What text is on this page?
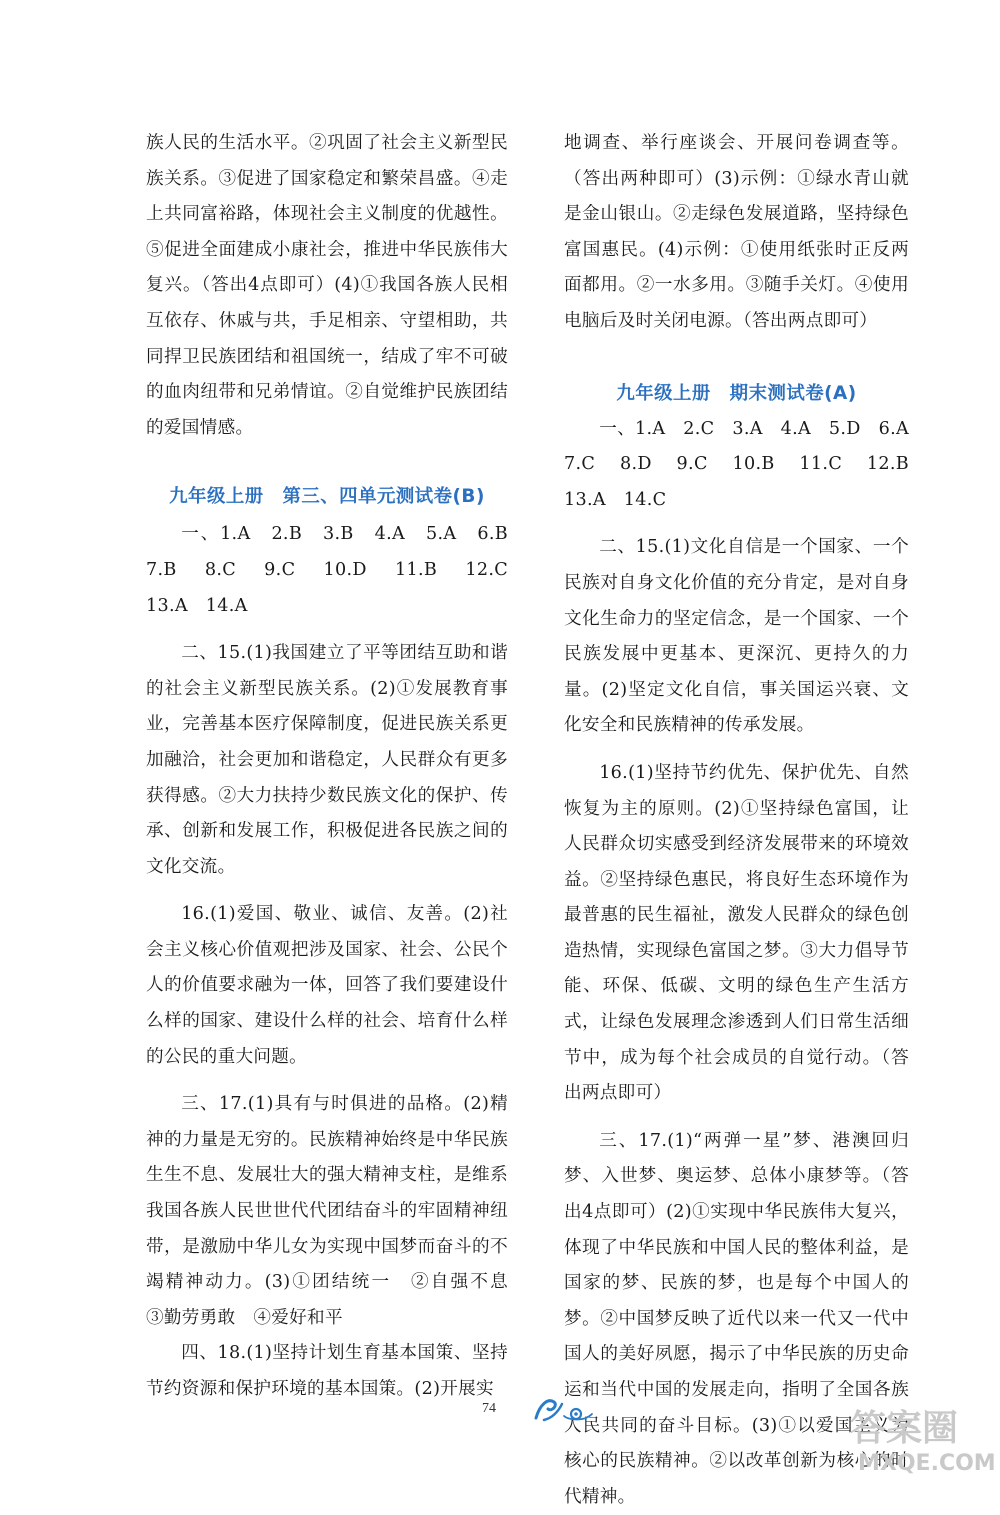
族人民的生活水平。②巩固了社会主义新型民族关系。③促进了国家稳定和繁荣昌盛。④走上共同富裕路，体现社会主义制度的优越性。⑤促进全面建成小康社会，推进中华民族伟大复兴。（答出4点即可）(4)①我国各族人民相互依存、休戚与共，手足相亲、守望相助，共同捍卫民族团结和祖国统一，结成了牢不可破的血肉纽带和兄弟情谊。②自觉维护民族团结的爱国情感。

九年级上册　第三、四单元测试卷(B)

一、1.A　2.B　3.B　4.A　5.A　6.B　7.B　8.C　9.C　10.D　11.B　12.C　13.A　14.A

二、15.(1)我国建立了平等团结互助和谐的社会主义新型民族关系。(2)①发展教育事业，完善基本医疗保障制度，促进民族关系更加融洽，社会更加和谐稳定，人民群众有更多获得感。②大力扶持少数民族文化的保护、传承、创新和发展工作，积极促进各民族之间的文化交流。

16.(1)爱国、敬业、诚信、友善。(2)社会主义核心价值观把涉及国家、社会、公民个人的价值要求融为一体，回答了我们要建设什么样的国家、建设什么样的社会、培育什么样的公民的重大问题。

三、17.(1)具有与时俱进的品格。(2)精神的力量是无穷的。民族精神始终是中华民族生生不息、发展壮大的强大精神支柱，是维系我国各族人民世世代代团结奋斗的牢固精神纽带，是激励中华儿女为实现中国梦而奋斗的不竭精神动力。(3)①团结统一　②自强不息　③勤劳勇敢　④爱好和平

四、18.(1)坚持计划生育基本国策、坚持节约资源和保护环境的基本国策。(2)开展实

地调查、举行座谈会、开展问卷调查等。（答出两种即可）(3)示例：①绿水青山就是金山银山。②走绿色发展道路，坚持绿色富国惠民。(4)示例：①使用纸张时正反两面都用。②一水多用。③随手关灯。④使用电脑后及时关闭电源。（答出两点即可）

九年级上册　期末测试卷(A)

一、1.A　2.C　3.A　4.A　5.D　6.A　7.C　8.D　9.C　10.B　11.C　12.B　13.A　14.C

二、15.(1)文化自信是一个国家、一个民族对自身文化价值的充分肯定，是对自身文化生命力的坚定信念，是一个国家、一个民族发展中更基本、更深沉、更持久的力量。(2)坚定文化自信，事关国运兴衰、文化安全和民族精神的传承发展。

16.(1)坚持节约优先、保护优先、自然恢复为主的原则。(2)①坚持绿色富国，让人民群众切实感受到经济发展带来的环境效益。②坚持绿色惠民，将良好生态环境作为最普惠的民生福祉，激发人民群众的绿色创造热情，实现绿色富国之梦。③大力倡导节能、环保、低碳、文明的绿色生产生活方式，让绿色发展理念渗透到人们日常生活细节中，成为每个社会成员的自觉行动。（答出两点即可）

三、17.(1)“两弹一星”梦、港澳回归梦、入世梦、奥运梦、总体小康梦等。（答出4点即可）(2)①实现中华民族伟大复兴，体现了中华民族和中国人民的整体利益，是国家的梦、民族的梦，也是每个中国人的梦。②中国梦反映了近代以来一代又一代中国人的美好夙愿，揭示了中华民族的历史命运和当代中国的发展走向，指明了全国各族人民共同的奋斗目标。(3)①以爱国主义为核心的民族精神。②以改革创新为核心的时代精神。

74	答案圈
MXQE.COM
